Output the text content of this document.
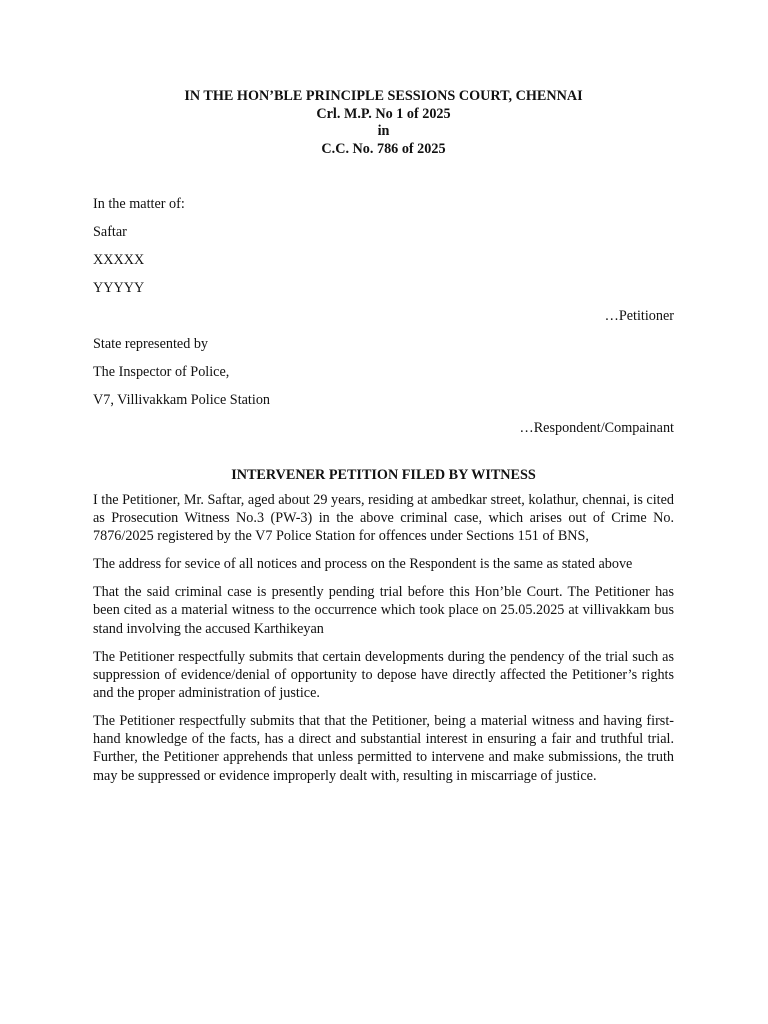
IN THE HON’BLE PRINCIPLE SESSIONS COURT, CHENNAI
Crl. M.P. No 1 of 2025
in
C.C. No. 786 of 2025
In the matter of:
Saftar
XXXXX
YYYYY
…Petitioner
State represented by
The Inspector of Police,
V7, Villivakkam Police Station
…Respondent/Compainant
INTERVENER PETITION FILED BY WITNESS

I the Petitioner, Mr. Saftar, aged about 29 years, residing at ambedkar street, kolathur, chennai, is cited as Prosecution Witness No.3 (PW-3) in the above criminal case, which arises out of Crime No. 7876/2025 registered by the V7 Police Station for offences under Sections 151 of BNS,

The address for sevice of all notices and process on the Respondent is the same as stated above

That the said criminal case is presently pending trial before this Hon’ble Court. The Petitioner has been cited as a material witness to the occurrence which took place on 25.05.2025 at villivakkam bus stand involving the accused Karthikeyan

The Petitioner respectfully submits that certain developments during the pendency of the trial such as suppression of evidence/denial of opportunity to depose have directly affected the Petitioner’s rights and the proper administration of justice.

The Petitioner respectfully submits that that the Petitioner, being a material witness and having first-hand knowledge of the facts, has a direct and substantial interest in ensuring a fair and truthful trial. Further, the Petitioner apprehends that unless permitted to intervene and make submissions, the truth may be suppressed or evidence improperly dealt with, resulting in miscarriage of justice.
